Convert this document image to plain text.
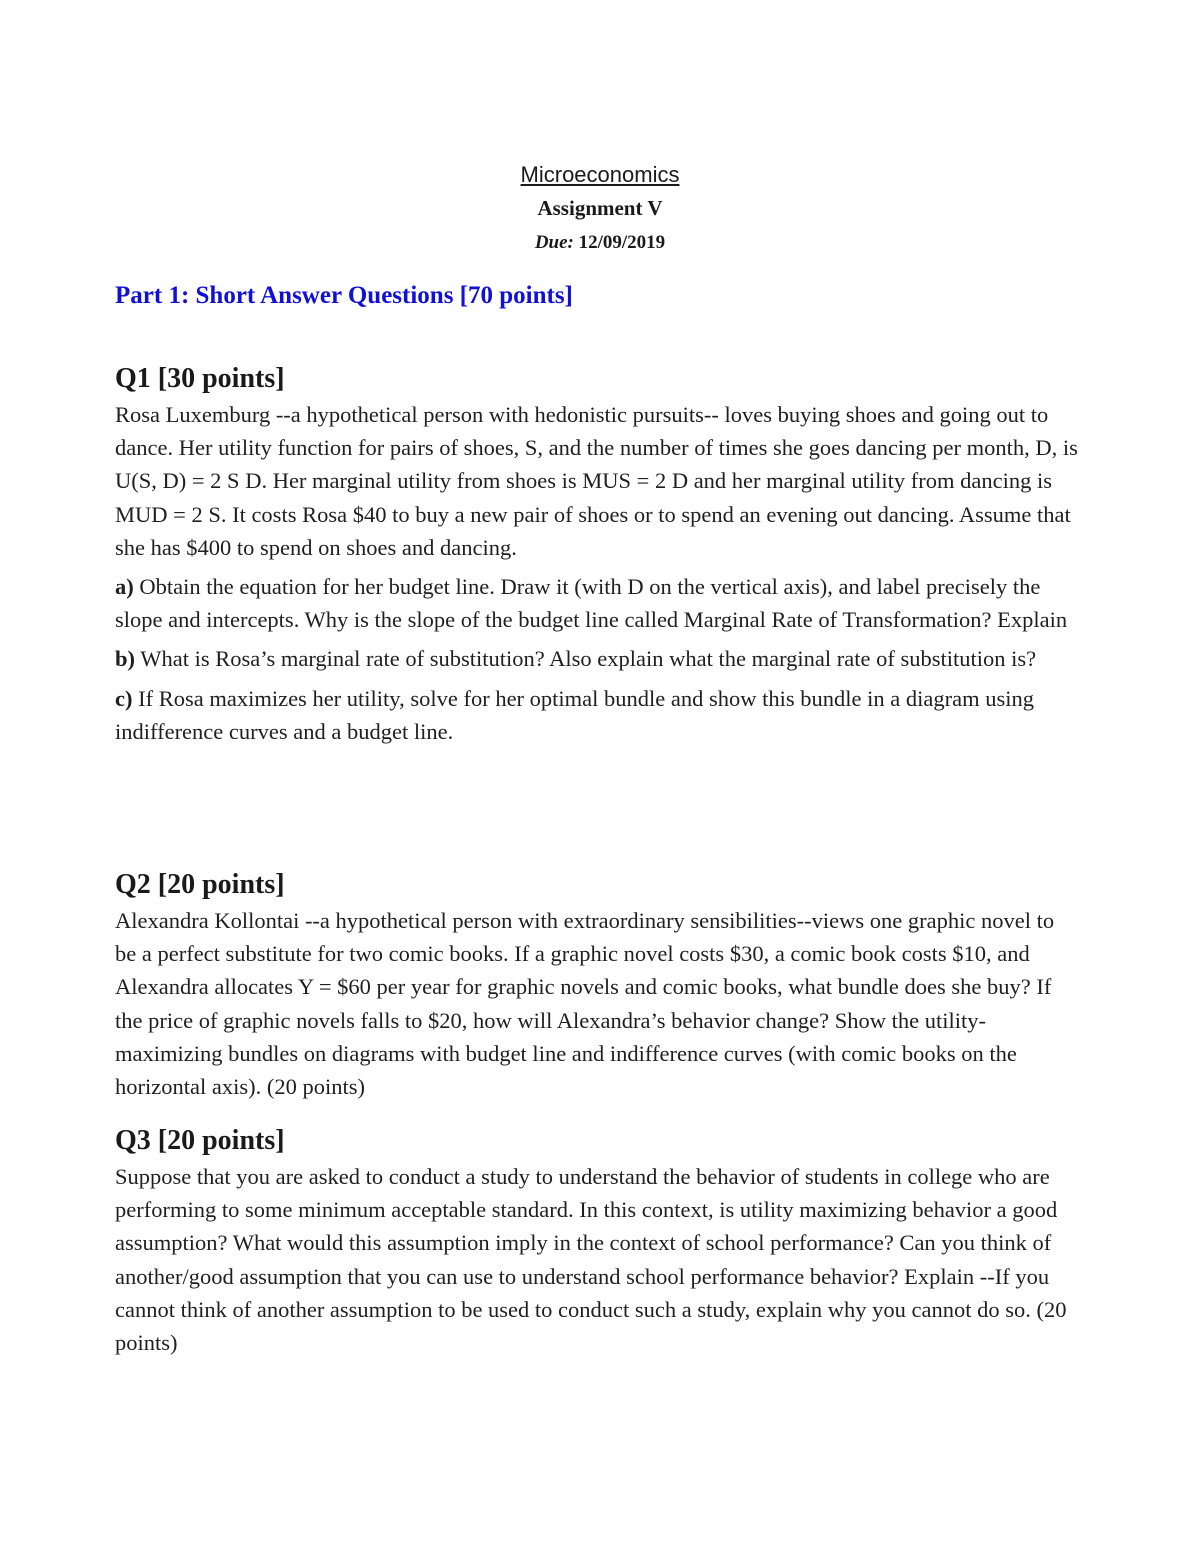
Microeconomics

Assignment V

Due: 12/09/2019

Part 1: Short Answer Questions [70 points]
Q1 [30 points]

Rosa Luxemburg --a hypothetical person with hedonistic pursuits-- loves buying shoes and going out to dance. Her utility function for pairs of shoes, S, and the number of times she goes dancing per month, D, is U(S, D) = 2 S D. Her marginal utility from shoes is MUS = 2 D and her marginal utility from dancing is MUD = 2 S. It costs Rosa $40 to buy a new pair of shoes or to spend an evening out dancing. Assume that she has $400 to spend on shoes and dancing.

a) Obtain the equation for her budget line. Draw it (with D on the vertical axis), and label precisely the slope and intercepts. Why is the slope of the budget line called Marginal Rate of Transformation? Explain

b) What is Rosa’s marginal rate of substitution? Also explain what the marginal rate of substitution is?

c) If Rosa maximizes her utility, solve for her optimal bundle and show this bundle in a diagram using indifference curves and a budget line.

Q2 [20 points]

Alexandra Kollontai --a hypothetical person with extraordinary sensibilities--views one graphic novel to be a perfect substitute for two comic books. If a graphic novel costs $30, a comic book costs $10, and Alexandra allocates Y = $60 per year for graphic novels and comic books, what bundle does she buy? If the price of graphic novels falls to $20, how will Alexandra’s behavior change? Show the utility-maximizing bundles on diagrams with budget line and indifference curves (with comic books on the horizontal axis). (20 points)

Q3 [20 points]

Suppose that you are asked to conduct a study to understand the behavior of students in college who are performing to some minimum acceptable standard. In this context, is utility maximizing behavior a good assumption? What would this assumption imply in the context of school performance? Can you think of another/good assumption that you can use to understand school performance behavior? Explain --If you cannot think of another assumption to be used to conduct such a study, explain why you cannot do so. (20 points)
